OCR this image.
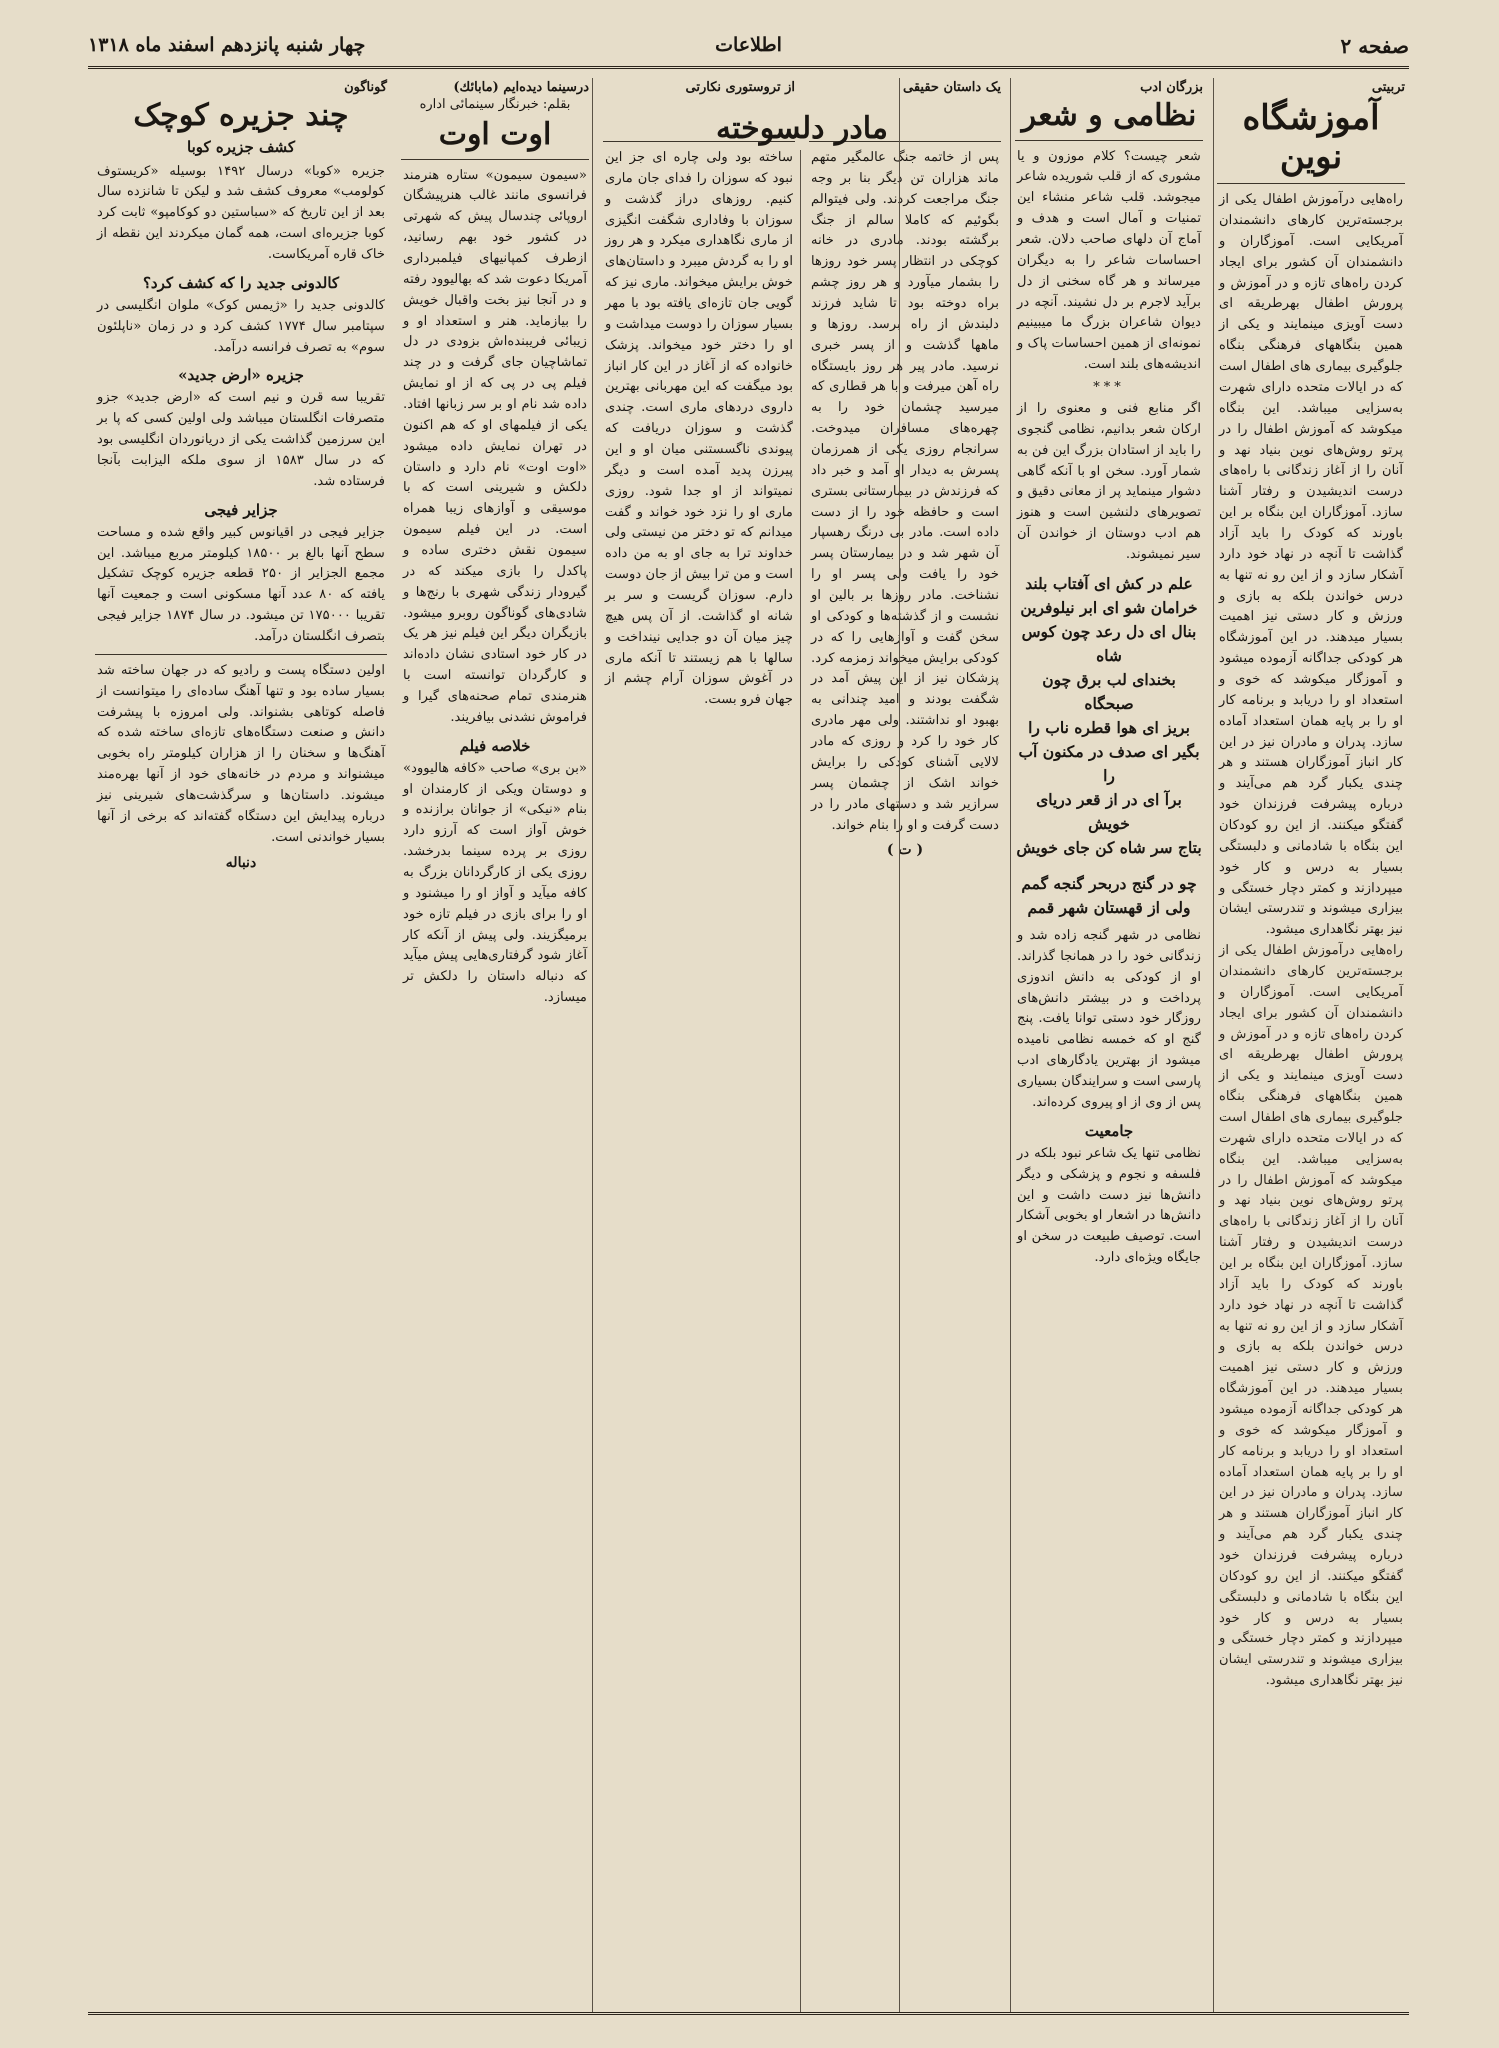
صفحه ۲
اطلاعات
چهار شنبه پانزدهم اسفند ماه ۱۳۱۸
تربیتی
آموزشگاه نوین
راه‌هایی درآموزش اطفال یکی از برجسته‌ترین کارهای دانشمندان آمریکایی است. آموزگاران و دانشمندان آن کشور برای ایجاد کردن راه‌های تازه و در آموزش و پرورش اطفال بهرطریقه ای دست آویزی مینمایند و یکی از همین بنگاههای فرهنگی بنگاه جلوگیری بیماری های اطفال است که در ایالات متحده دارای شهرت به‌سزایی میباشد. این بنگاه میکوشد که آموزش اطفال را در پرتو روش‌های نوین بنیاد نهد و آنان را از آغاز زندگانی با راه‌های درست اندیشیدن و رفتار آشنا سازد. آموزگاران این بنگاه بر این باورند که کودک را باید آزاد گذاشت تا آنچه در نهاد خود دارد آشکار سازد و از این رو نه تنها به درس خواندن بلکه به بازی و ورزش و کار دستی نیز اهمیت بسیار میدهند. در این آموزشگاه هر کودکی جداگانه آزموده میشود و آموزگار میکوشد که خوی و استعداد او را دریابد و برنامه کار او را بر پایه همان استعداد آماده سازد. پدران و مادران نیز در این کار انباز آموزگاران هستند و هر چندی یکبار گرد هم می‌آیند و درباره پیشرفت فرزندان خود گفتگو میکنند. از این رو کودکان این بنگاه با شادمانی و دلبستگی بسیار به درس و کار خود میپردازند و کمتر دچار خستگی و بیزاری میشوند و تندرستی ایشان نیز بهتر نگاهداری میشود.
راه‌هایی درآموزش اطفال یکی از برجسته‌ترین کارهای دانشمندان آمریکایی است. آموزگاران و دانشمندان آن کشور برای ایجاد کردن راه‌های تازه و در آموزش و پرورش اطفال بهرطریقه ای دست آویزی مینمایند و یکی از همین بنگاههای فرهنگی بنگاه جلوگیری بیماری های اطفال است که در ایالات متحده دارای شهرت به‌سزایی میباشد. این بنگاه میکوشد که آموزش اطفال را در پرتو روش‌های نوین بنیاد نهد و آنان را از آغاز زندگانی با راه‌های درست اندیشیدن و رفتار آشنا سازد. آموزگاران این بنگاه بر این باورند که کودک را باید آزاد گذاشت تا آنچه در نهاد خود دارد آشکار سازد و از این رو نه تنها به درس خواندن بلکه به بازی و ورزش و کار دستی نیز اهمیت بسیار میدهند. در این آموزشگاه هر کودکی جداگانه آزموده میشود و آموزگار میکوشد که خوی و استعداد او را دریابد و برنامه کار او را بر پایه همان استعداد آماده سازد. پدران و مادران نیز در این کار انباز آموزگاران هستند و هر چندی یکبار گرد هم می‌آیند و درباره پیشرفت فرزندان خود گفتگو میکنند. از این رو کودکان این بنگاه با شادمانی و دلبستگی بسیار به درس و کار خود میپردازند و کمتر دچار خستگی و بیزاری میشوند و تندرستی ایشان نیز بهتر نگاهداری میشود.
بزرگان ادب
نظامی و شعر
شعر چیست؟ کلام موزون و یا مشوری که از قلب شوریده شاعر میجوشد. قلب شاعر منشاء این تمنیات و آمال است و هدف و آماج آن دلهای صاحب دلان. شعر احساسات شاعر را به دیگران میرساند و هر گاه سخنی از دل برآید لاجرم بر دل نشیند. آنچه در دیوان شاعران بزرگ ما میبینیم نمونه‌ای از همین احساسات پاک و اندیشه‌های بلند است.
***
اگر منابع فنی و معنوی را از ارکان شعر بدانیم، نظامی گنجوی را باید از استادان بزرگ این فن به شمار آورد. سخن او با آنکه گاهی دشوار مینماید پر از معانی دقیق و تصویرهای دلنشین است و هنوز هم ادب دوستان از خواندن آن سیر نمیشوند.
علم در کش ای آفتاب بلند
خرامان شو ای ابر نیلوفرین
بنال ای دل رعد چون کوس شاه
بخندای لب برق چون صبحگاه
بریز ای هوا قطره ناب را
بگیر ای صدف در مکنون آب را
برآ ای در از قعر دریای خویش
بتاج سر شاه کن جای خویش
چو در گنج دربحر گنجه گمم
ولی از قهستان شهر قمم
نظامی در شهر گنجه زاده شد و زندگانی خود را در همانجا گذراند. او از کودکی به دانش اندوزی پرداخت و در بیشتر دانش‌های روزگار خود دستی توانا یافت. پنج گنج او که خمسه نظامی نامیده میشود از بهترین یادگارهای ادب پارسی است و سرایندگان بسیاری پس از وی از او پیروی کرده‌اند.
جامعیت
نظامی تنها یک شاعر نبود بلکه در فلسفه و نجوم و پزشکی و دیگر دانش‌ها نیز دست داشت و این دانش‌ها در اشعار او بخوبی آشکار است. توصیف طبیعت در سخن او جایگاه ویژه‌ای دارد.
یک داستان حقیقی
پس از خاتمه جنگ عالمگیر متهم ماند هزاران تن دیگر بنا بر وجه جنگ مراجعت کردند. ولی فیتوالم بگوئیم که کاملا سالم از جنگ برگشته بودند. مادری در خانه کوچکی در انتظار پسر خود روزها را بشمار میآورد و هر روز چشم براه دوخته بود تا شاید فرزند دلبندش از راه برسد. روزها و ماهها گذشت و از پسر خبری نرسید. مادر پیر هر روز بایستگاه راه آهن میرفت و با هر قطاری که میرسید چشمان خود را به چهره‌های مسافران میدوخت. سرانجام روزی یکی از همرزمان پسرش به دیدار او آمد و خبر داد که فرزندش در بیمارستانی بستری است و حافظه خود را از دست داده است. مادر بی درنگ رهسپار آن شهر شد و در بیمارستان پسر خود را یافت ولی پسر او را نشناخت. مادر روزها بر بالین او نشست و از گذشته‌ها و کودکی او سخن گفت و آوازهایی را که در کودکی برایش میخواند زمزمه کرد. پزشکان نیز از این پیش آمد در شگفت بودند و امید چندانی به بهبود او نداشتند. ولی مهر مادری کار خود را کرد و روزی که مادر لالایی آشنای کودکی را برایش خواند اشک از چشمان پسر سرازیر شد و دستهای مادر را در دست گرفت و او را بنام خواند.
( ت )
از تروستوری نکارتی
ساخته بود ولی چاره ای جز این نبود که سوزان را فدای جان ماری کنیم. روزهای دراز گذشت و سوزان با وفاداری شگفت انگیزی از ماری نگاهداری میکرد و هر روز او را به گردش میبرد و داستان‌های خوش برایش میخواند. ماری نیز که گویی جان تازه‌ای یافته بود با مهر بسیار سوزان را دوست میداشت و او را دختر خود میخواند. پزشک خانواده که از آغاز در این کار انباز بود میگفت که این مهربانی بهترین داروی دردهای ماری است. چندی گذشت و سوزان دریافت که پیوندی ناگسستنی میان او و این پیرزن پدید آمده است و دیگر نمیتواند از او جدا شود. روزی ماری او را نزد خود خواند و گفت میدانم که تو دختر من نیستی ولی خداوند ترا به جای او به من داده است و من ترا بیش از جان دوست دارم. سوزان گریست و سر بر شانه او گذاشت. از آن پس هیچ چیز میان آن دو جدایی نینداخت و سالها با هم زیستند تا آنکه ماری در آغوش سوزان آرام چشم از جهان فرو بست.
مادر دلسوخته
درسینما دیده‌ایم (مابائك)
بقلم: خبرنگار سینمائی اداره
اوت اوت
«سیمون سیمون» ستاره هنرمند فرانسوی مانند غالب هنرپیشگان اروپائی چندسال پیش که شهرتی در کشور خود بهم رسانید، ازطرف کمپانیهای فیلمبرداری آمریکا دعوت شد که بهالیوود رفته و در آنجا نیز بخت واقبال خویش را بیازماید. هنر و استعداد او و زیبائی فریبنده‌اش بزودی در دل تماشاچیان جای گرفت و در چند فیلم پی در پی که از او نمایش داده شد نام او بر سر زبانها افتاد. یکی از فیلمهای او که هم اکنون در تهران نمایش داده میشود «اوت اوت» نام دارد و داستان دلکش و شیرینی است که با موسیقی و آوازهای زیبا همراه است. در این فیلم سیمون سیمون نقش دختری ساده و پاکدل را بازی میکند که در گیرودار زندگی شهری با رنج‌ها و شادی‌های گوناگون روبرو میشود. بازیگران دیگر این فیلم نیز هر یک در کار خود استادی نشان داده‌اند و کارگردان توانسته است با هنرمندی تمام صحنه‌های گیرا و فراموش نشدنی بیافریند.
خلاصه فیلم
«بن بری» صاحب «کافه هالیوود» و دوستان ویکی از کارمندان او بنام «نیکی» از جوانان برازنده و خوش آواز است که آرزو دارد روزی بر پرده سینما بدرخشد. روزی یکی از کارگردانان بزرگ به کافه میآید و آواز او را میشنود و او را برای بازی در فیلم تازه خود برمیگزیند. ولی پیش از آنکه کار آغاز شود گرفتاری‌هایی پیش میآید که دنباله داستان را دلکش تر میسازد.
گوناگون
چند جزیره کوچک
کشف جزیره کوبا
جزیره «کوبا» درسال ۱۴۹۲ بوسیله «کریستوف کولومب» معروف کشف شد و لیکن تا شانزده سال بعد از این تاریخ که «سباستین دو کوکامپو» ثابت کرد کوبا جزیره‌ای است، همه گمان میکردند این نقطه از خاک قاره آمریکاست.
کالدونی جدید را که کشف کرد؟
کالدونی جدید را «ژیمس کوک» ملوان انگلیسی در سپتامبر سال ۱۷۷۴ کشف کرد و در زمان «ناپلئون سوم» به تصرف فرانسه درآمد.
جزیره «ارض جدید»
تقریبا سه قرن و نیم است که «ارض جدید» جزو متصرفات انگلستان میباشد ولی اولین کسی که پا بر این سرزمین گذاشت یکی از دریانوردان انگلیسی بود که در سال ۱۵۸۳ از سوی ملکه الیزابت بآنجا فرستاده شد.
جزایر فیجی
جزایر فیجی در اقیانوس کبیر واقع شده و مساحت سطح آنها بالغ بر ۱۸۵۰۰ کیلومتر مربع میباشد. این مجمع الجزایر از ۲۵۰ قطعه جزیره کوچک تشکیل یافته که ۸۰ عدد آنها مسکونی است و جمعیت آنها تقریبا ۱۷۵۰۰۰ تن میشود. در سال ۱۸۷۴ جزایر فیجی بتصرف انگلستان درآمد.
اولین دستگاه پست و رادیو که در جهان ساخته شد بسیار ساده بود و تنها آهنگ ساده‌ای را میتوانست از فاصله کوتاهی بشنواند. ولی امروزه با پیشرفت دانش و صنعت دستگاه‌های تازه‌ای ساخته شده که آهنگ‌ها و سخنان را از هزاران کیلومتر راه بخوبی میشنواند و مردم در خانه‌های خود از آنها بهره‌مند میشوند. داستان‌ها و سرگذشت‌های شیرینی نیز درباره پیدایش این دستگاه گفته‌اند که برخی از آنها بسیار خواندنی است.
دنباله
